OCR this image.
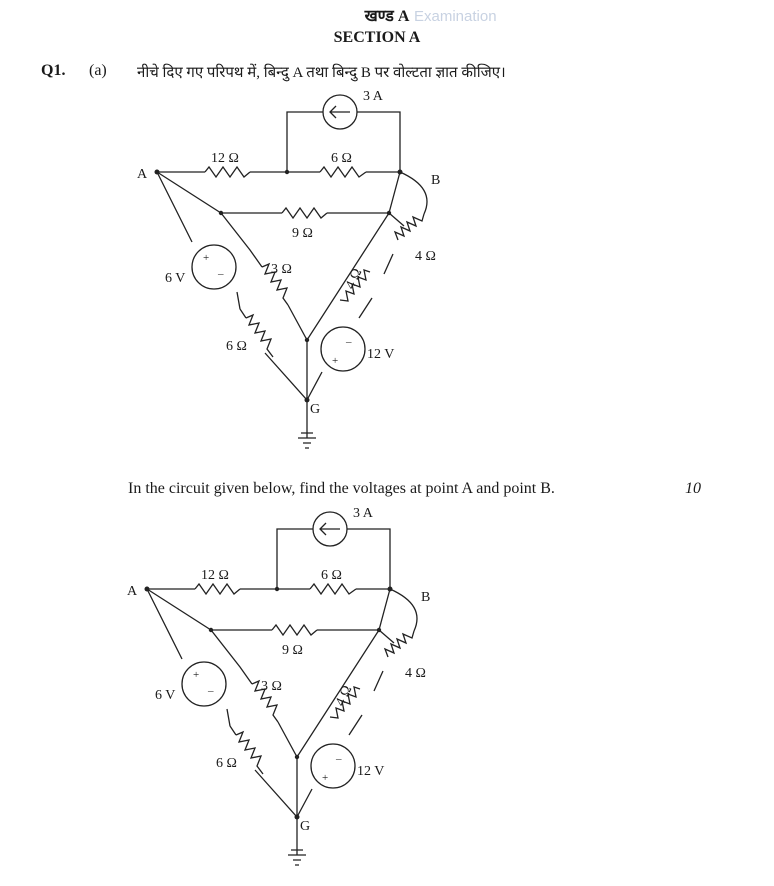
खण्ड A Examination
SECTION A
Q1. (a) नीचे दिए गए परिपथ में, बिन्दु A तथा बिन्दु B पर वोल्टता ज्ञात कीजिए।
In the circuit given below, find the voltages at point A and point B.	10
3 A
A	B
G
12 Ω	6 Ω
9 Ω
3 Ω
6 Ω
4 Ω
4 Ω
6 V
12 V
+
–
+
–
3 A
A	B
G
12 Ω	6 Ω
9 Ω
3 Ω
6 Ω
4 Ω
4 Ω
6 V
12 V
+
–
+
–
